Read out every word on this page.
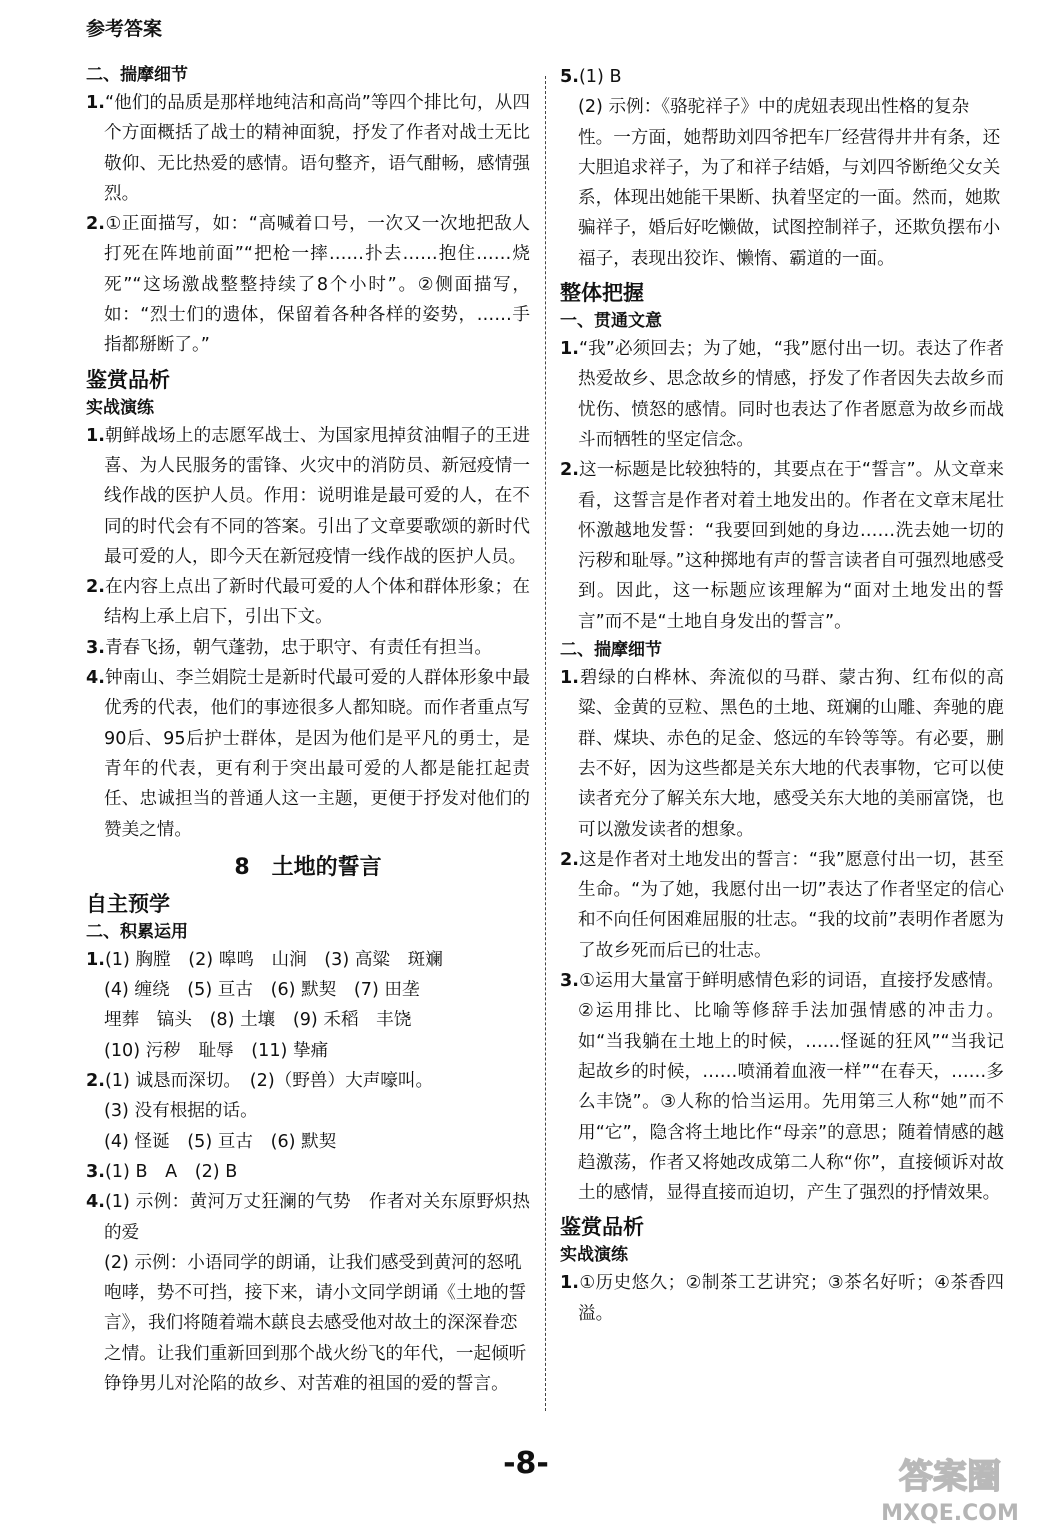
参考答案
二、揣摩细节
1.“他们的品质是那样地纯洁和高尚”等四个排比句，从四个方面概括了战士的精神面貌，抒发了作者对战士无比敬仰、无比热爱的感情。语句整齐，语气酣畅，感情强烈。
2.①正面描写，如：“高喊着口号，一次又一次地把敌人打死在阵地前面”“把枪一摔……扑去……抱住……烧死”“这场激战整整持续了8个小时”。②侧面描写，如：“烈士们的遗体，保留着各种各样的姿势，……手指都掰断了。”
鉴赏品析
实战演练
1.朝鲜战场上的志愿军战士、为国家甩掉贫油帽子的王进喜、为人民服务的雷锋、火灾中的消防员、新冠疫情一线作战的医护人员。作用：说明谁是最可爱的人，在不同的时代会有不同的答案。引出了文章要歌颂的新时代最可爱的人，即今天在新冠疫情一线作战的医护人员。
2.在内容上点出了新时代最可爱的人个体和群体形象；在结构上承上启下，引出下文。
3.青春飞扬，朝气蓬勃，忠于职守、有责任有担当。
4.钟南山、李兰娟院士是新时代最可爱的人群体形象中最优秀的代表，他们的事迹很多人都知晓。而作者重点写90后、95后护士群体，是因为他们是平凡的勇士，是青年的代表，更有利于突出最可爱的人都是能扛起责任、忠诚担当的普通人这一主题，更便于抒发对他们的赞美之情。
8　土地的誓言
自主预学
二、积累运用
1.(1) 胸膛　(2) 嗥鸣　山涧　(3) 高粱　斑斓
(4) 缠绕　(5) 亘古　(6) 默契　(7) 田垄
埋葬　镐头　(8) 土壤　(9) 禾稻　丰饶
(10) 污秽　耻辱　(11) 挚痛
2.(1) 诚恳而深切。　(2)（野兽）大声嚎叫。
(3) 没有根据的话。
(4) 怪诞　(5) 亘古　(6) 默契
3.(1) B　A　(2) B
4.(1) 示例：黄河万丈狂澜的气势　作者对关东原野炽热的爱
(2) 示例：小语同学的朗诵，让我们感受到黄河的怒吼咆哮，势不可挡，接下来，请小文同学朗诵《土地的誓言》，我们将随着端木蕻良去感受他对故土的深深眷恋之情。让我们重新回到那个战火纷飞的年代，一起倾听铮铮男儿对沦陷的故乡、对苦难的祖国的爱的誓言。
5.(1) B
(2) 示例：《骆驼祥子》中的虎妞表现出性格的复杂性。一方面，她帮助刘四爷把车厂经营得井井有条，还大胆追求祥子，为了和祥子结婚，与刘四爷断绝父女关系，体现出她能干果断、执着坚定的一面。然而，她欺骗祥子，婚后好吃懒做，试图控制祥子，还欺负摆布小福子，表现出狡诈、懒惰、霸道的一面。
整体把握
一、贯通文意
1.“我”必须回去；为了她，“我”愿付出一切。表达了作者热爱故乡、思念故乡的情感，抒发了作者因失去故乡而忧伤、愤怒的感情。同时也表达了作者愿意为故乡而战斗而牺牲的坚定信念。
2.这一标题是比较独特的，其要点在于“誓言”。从文章来看，这誓言是作者对着土地发出的。作者在文章末尾壮怀激越地发誓：“我要回到她的身边……洗去她一切的污秽和耻辱。”这种掷地有声的誓言读者自可强烈地感受到。因此，这一标题应该理解为“面对土地发出的誓言”而不是“土地自身发出的誓言”。
二、揣摩细节
1.碧绿的白桦林、奔流似的马群、蒙古狗、红布似的高粱、金黄的豆粒、黑色的土地、斑斓的山雕、奔驰的鹿群、煤块、赤色的足金、悠远的车铃等等。有必要，删去不好，因为这些都是关东大地的代表事物，它可以使读者充分了解关东大地，感受关东大地的美丽富饶，也可以激发读者的想象。
2.这是作者对土地发出的誓言：“我”愿意付出一切，甚至生命。“为了她，我愿付出一切”表达了作者坚定的信心和不向任何困难屈服的壮志。“我的坟前”表明作者愿为了故乡死而后已的壮志。
3.①运用大量富于鲜明感情色彩的词语，直接抒发感情。②运用排比、比喻等修辞手法加强情感的冲击力。如“当我躺在土地上的时候，……怪诞的狂风”“当我记起故乡的时候，……喷涌着血液一样”“在春天，……多么丰饶”。③人称的恰当运用。先用第三人称“她”而不用“它”，隐含将土地比作“母亲”的意思；随着情感的越趋激荡，作者又将她改成第二人称“你”，直接倾诉对故土的感情，显得直接而迫切，产生了强烈的抒情效果。
鉴赏品析
实战演练
1.①历史悠久；②制茶工艺讲究；③茶名好听；④茶香四溢。
-8-	答案圈
MXQE.COM
